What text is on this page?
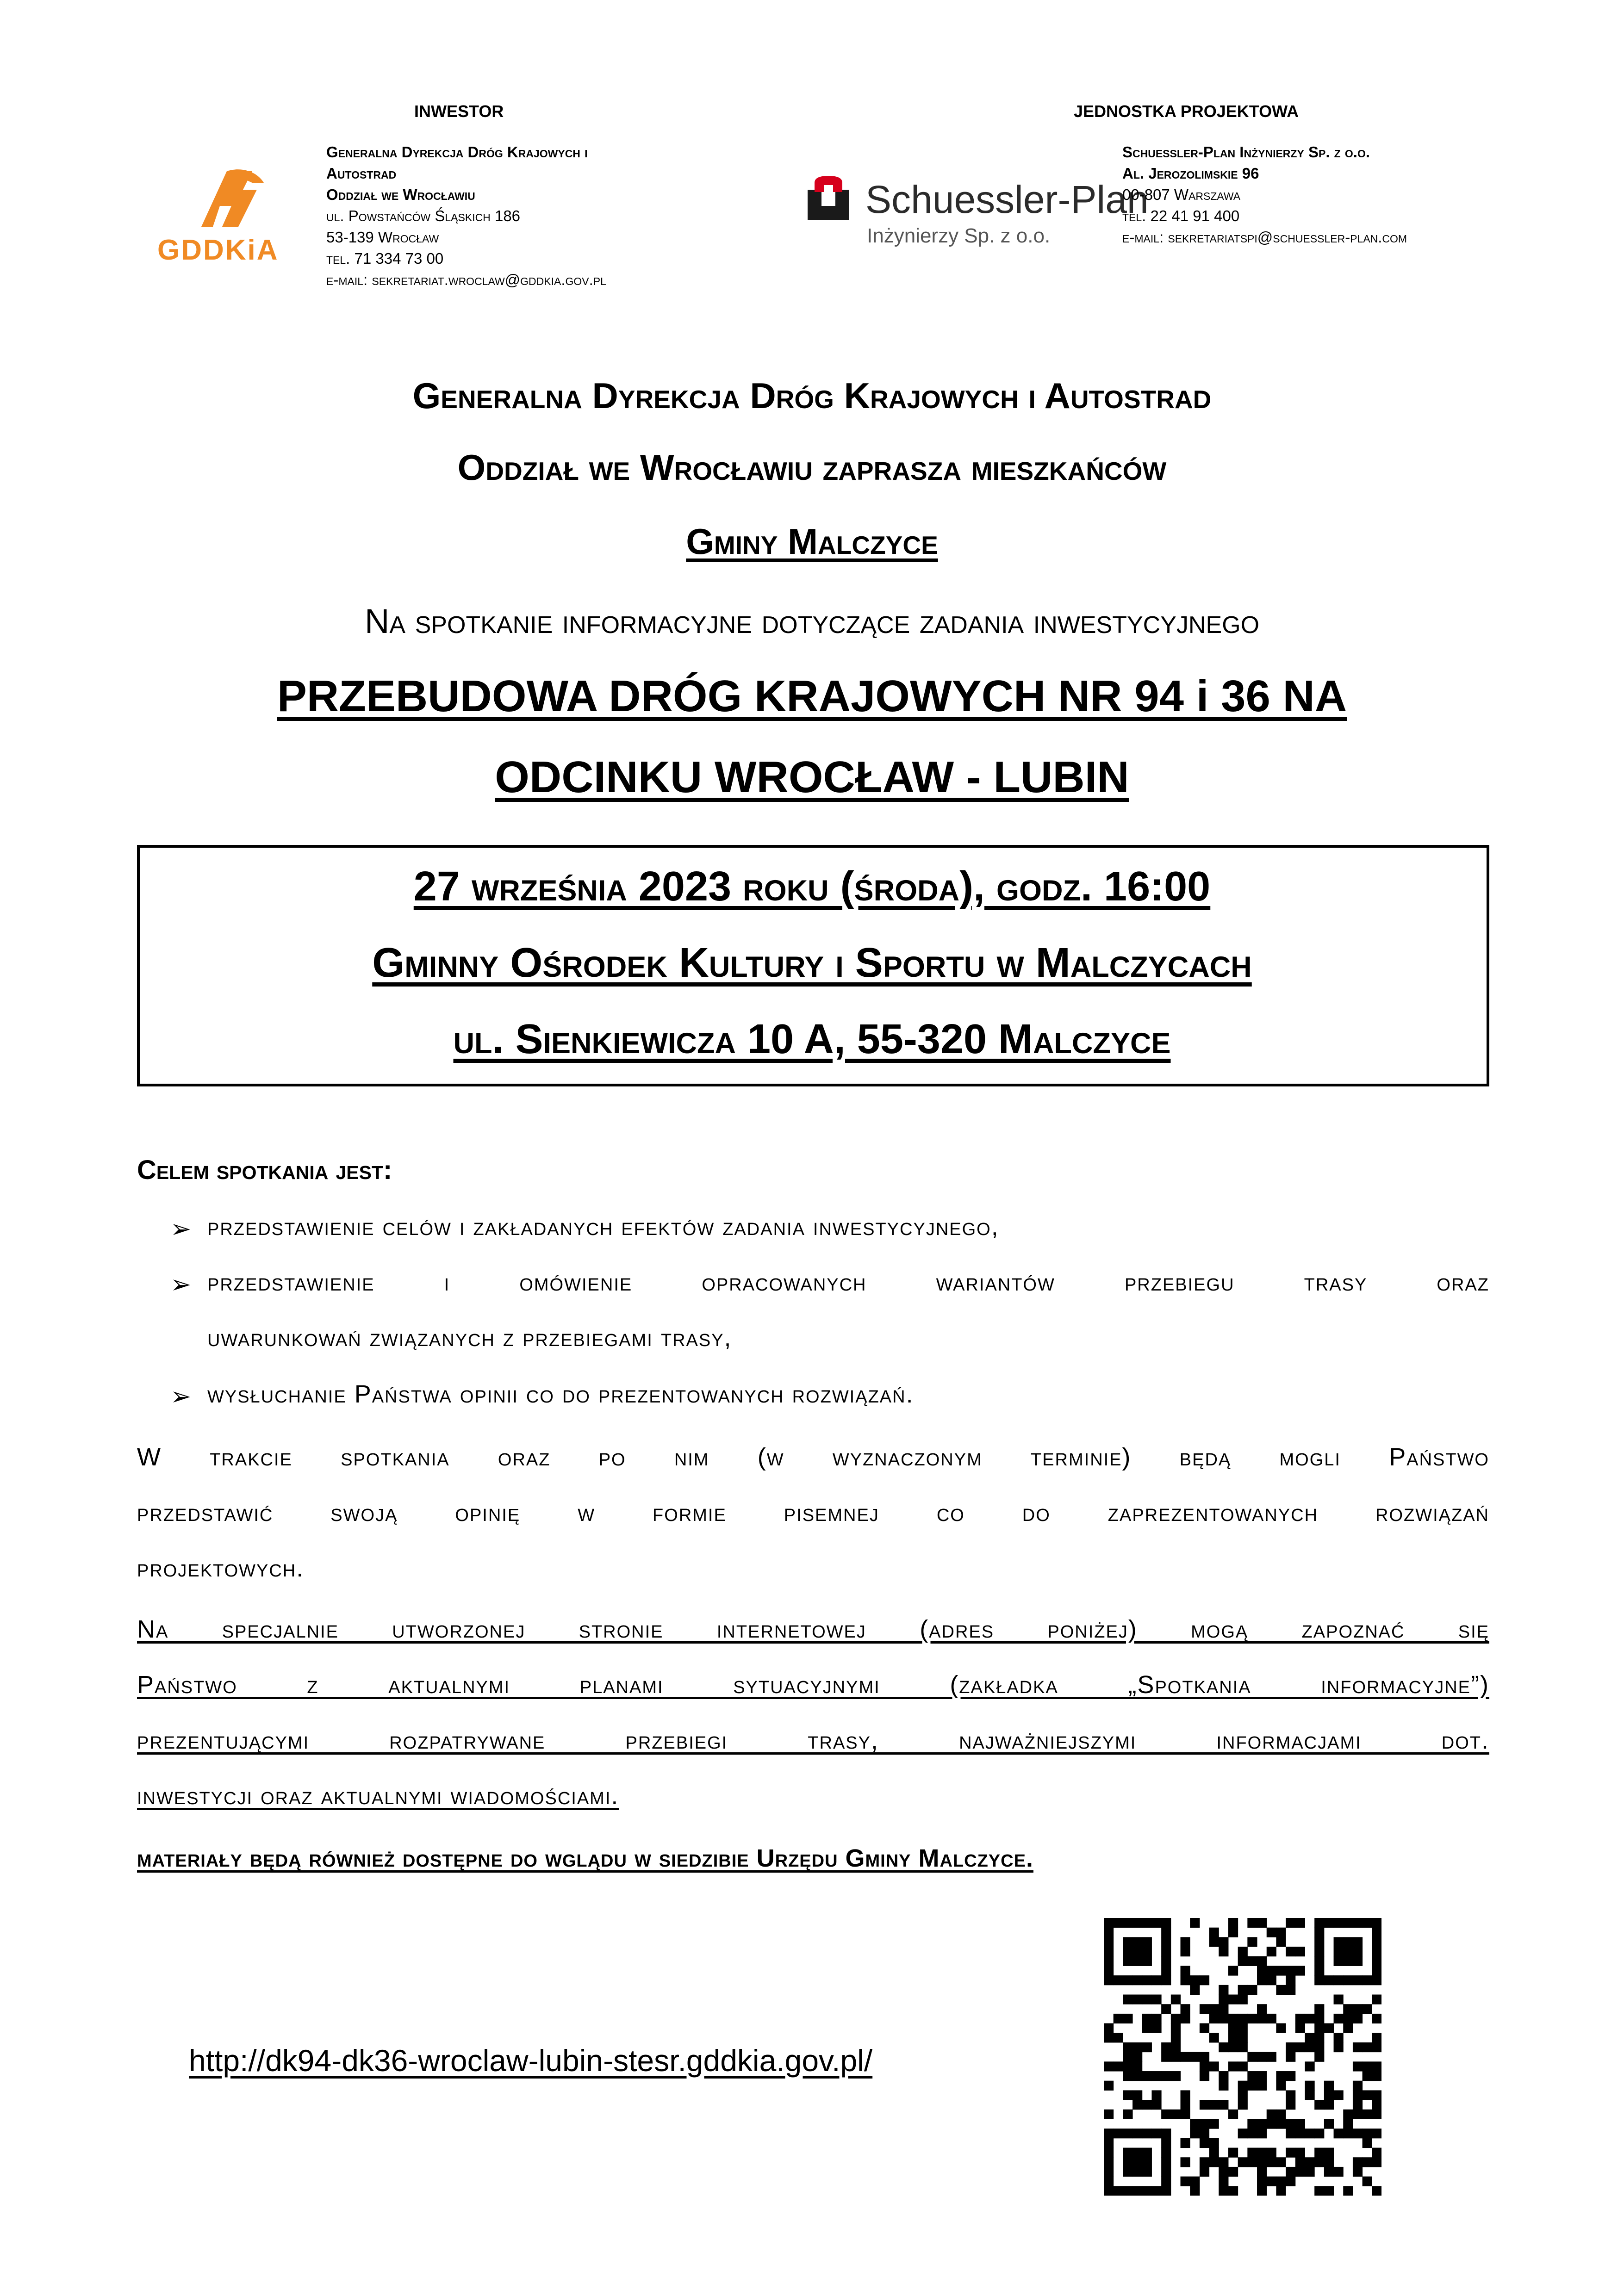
INWESTOR	JEDNOSTKA PROJEKTOWA
GDDKiA
Generalna Dyrekcja Dróg Krajowych i
Autostrad
Oddział we Wrocławiu
ul. Powstańców Śląskich 186
53-139 Wrocław
tel. 71 334 73 00
e-mail: sekretariat.wroclaw@gddkia.gov.pl
Schuessler-Plan
Inżynierzy Sp. z o.o.
Schuessler-Plan Inżynierzy Sp. z o.o.
Al. Jerozolimskie 96
00-807 Warszawa
tel. 22 41 91 400
e-mail: sekretariatspi@schuessler-plan.com
Generalna Dyrekcja Dróg Krajowych i Autostrad
Oddział we Wrocławiu zaprasza mieszkańców
Gminy Malczyce
Na spotkanie informacyjne dotyczące zadania inwestycyjnego
PRZEBUDOWA DRÓG KRAJOWYCH NR 94 i 36 NA
ODCINKU WROCŁAW - LUBIN
27 września 2023 roku (środa), godz. 16:00
Gminny Ośrodek Kultury i Sportu w Malczycach
ul. Sienkiewicza 10 A, 55-320 Malczyce
Celem spotkania jest:
➢ przedstawienie celów i zakładanych efektów zadania inwestycyjnego,
➢ przedstawienie i omówienie opracowanych wariantów przebiegu trasy oraz
uwarunkowań związanych z przebiegami trasy,
➢ wysłuchanie Państwa opinii co do prezentowanych rozwiązań.
W trakcie spotkania oraz po nim (w wyznaczonym terminie) będą mogli Państwo
przedstawić swoją opinię w formie pisemnej co do zaprezentowanych rozwiązań
projektowych.
Na specjalnie utworzonej stronie internetowej (adres poniżej) mogą zapoznać się
Państwo z aktualnymi planami sytuacyjnymi (zakładka „Spotkania informacyjne”)
prezentującymi rozpatrywane przebiegi trasy, najważniejszymi informacjami dot.
inwestycji oraz aktualnymi wiadomościami.
materiały będą również dostępne do wglądu w siedzibie Urzędu Gminy Malczyce.
http://dk94-dk36-wroclaw-lubin-stesr.gddkia.gov.pl/
